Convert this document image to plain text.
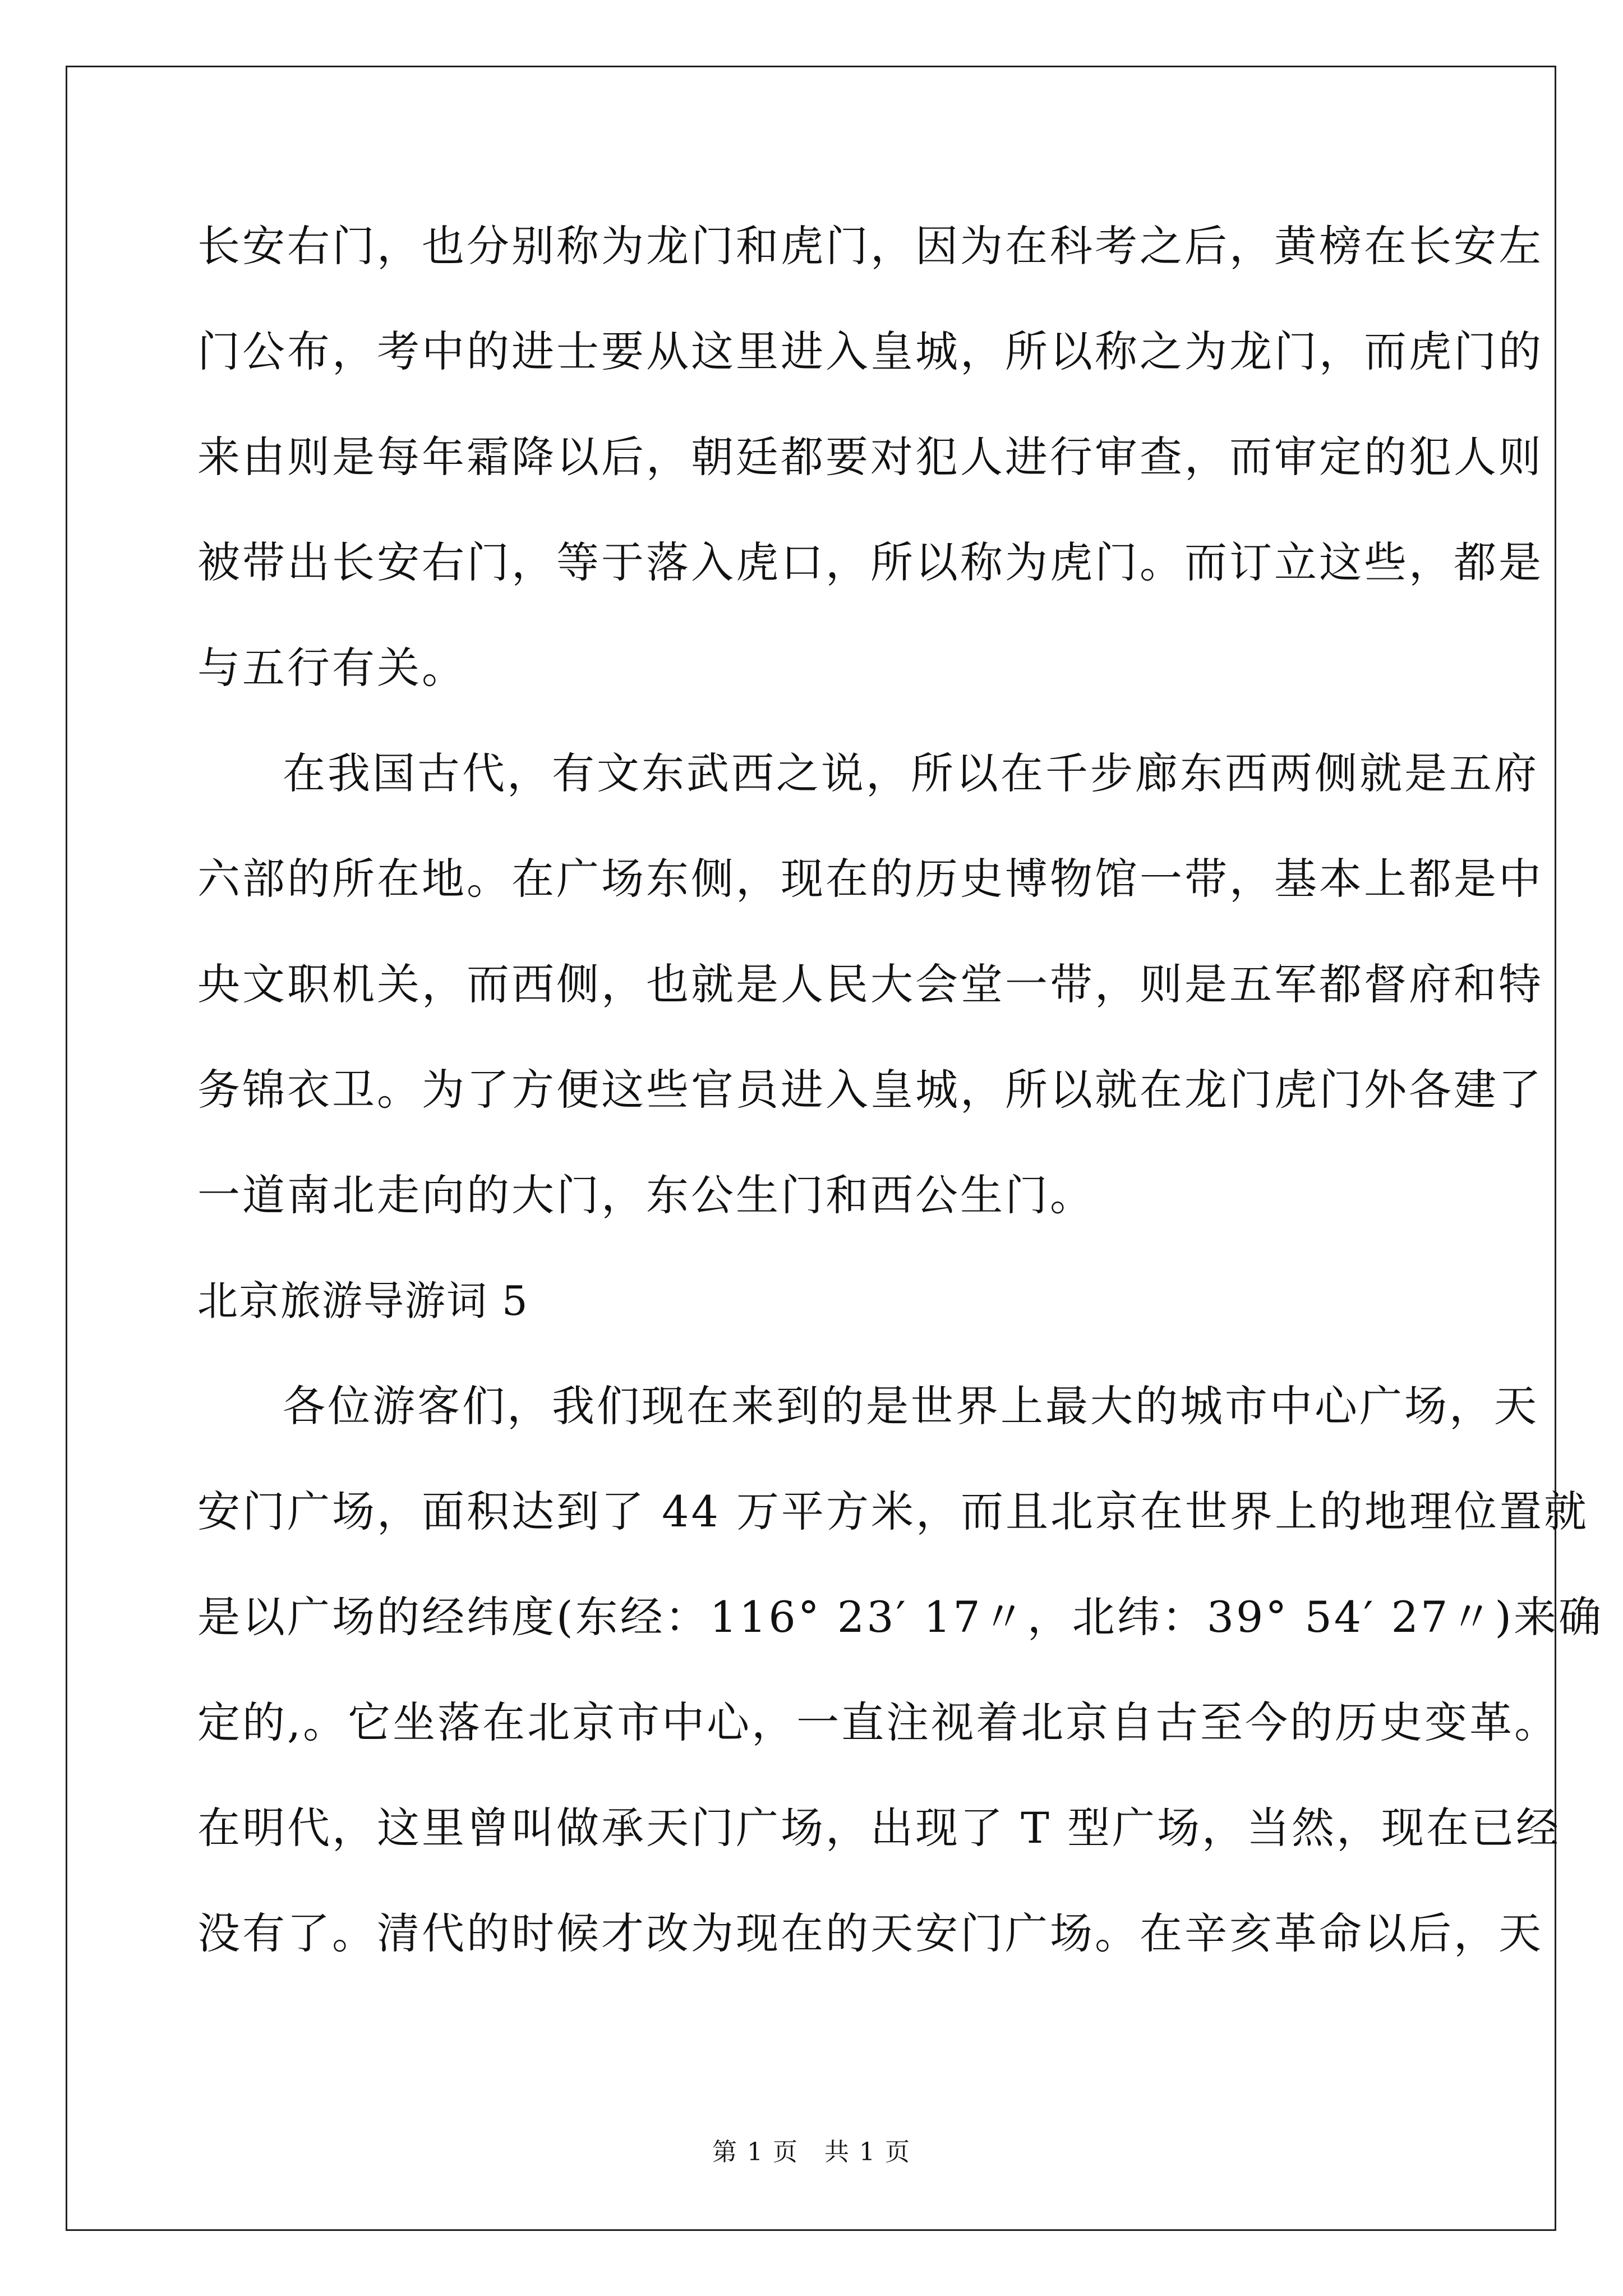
长安右门，也分别称为龙门和虎门，因为在科考之后，黄榜在长安左
门公布，考中的进士要从这里进入皇城，所以称之为龙门，而虎门的
来由则是每年霜降以后，朝廷都要对犯人进行审查，而审定的犯人则
被带出长安右门，等于落入虎口，所以称为虎门。而订立这些，都是
与五行有关。
在我国古代，有文东武西之说，所以在千步廊东西两侧就是五府
六部的所在地。在广场东侧，现在的历史博物馆一带，基本上都是中
央文职机关，而西侧，也就是人民大会堂一带，则是五军都督府和特
务锦衣卫。为了方便这些官员进入皇城，所以就在龙门虎门外各建了
一道南北走向的大门，东公生门和西公生门。
北京旅游导游词 5
各位游客们，我们现在来到的是世界上最大的城市中心广场，天
安门广场，面积达到了 44 万平方米，而且北京在世界上的地理位置就
是以广场的经纬度(东经：116° 23′ 17〃，北纬：39° 54′ 27〃)来确
定的,。它坐落在北京市中心，一直注视着北京自古至今的历史变革。
在明代，这里曾叫做承天门广场，出现了 T 型广场，当然，现在已经
没有了。清代的时候才改为现在的天安门广场。在辛亥革命以后，天
第 1 页　共 1 页
